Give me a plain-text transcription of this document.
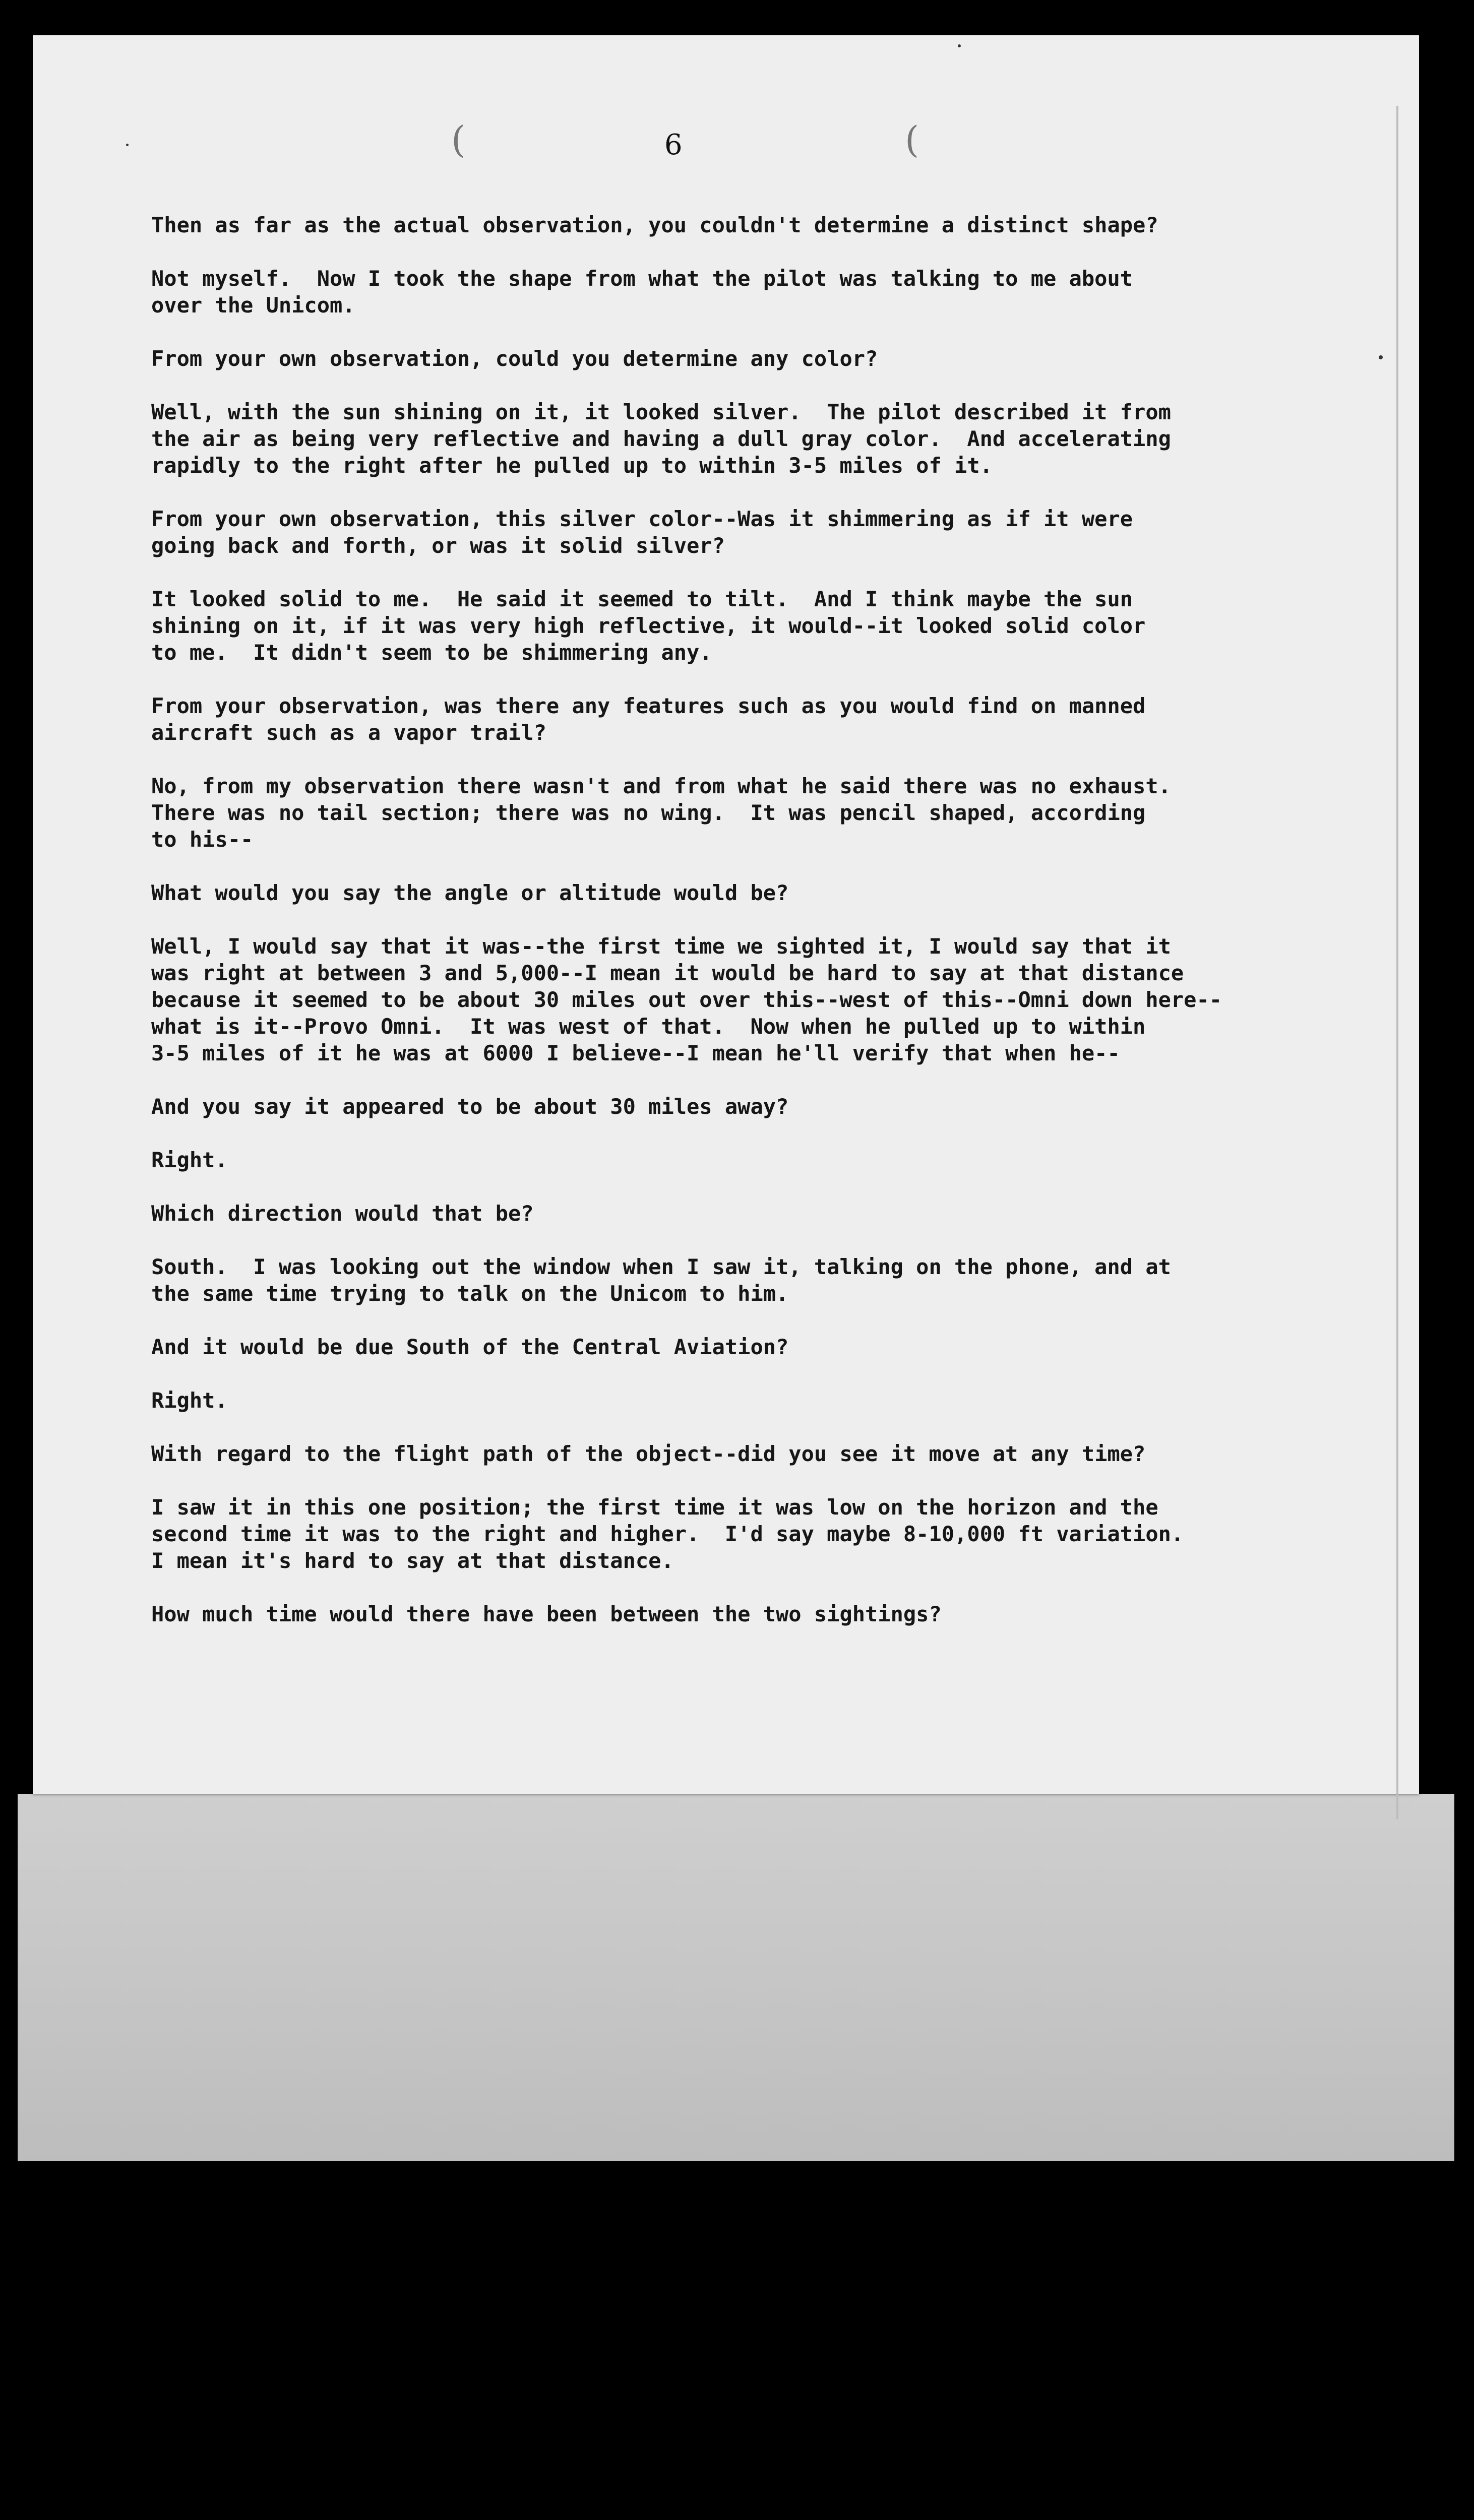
(	(

6

Then as far as the actual observation, you couldn't determine a distinct shape?

Not myself.  Now I took the shape from what the pilot was talking to me about
over the Unicom.

From your own observation, could you determine any color?

Well, with the sun shining on it, it looked silver.  The pilot described it from
the air as being very reflective and having a dull gray color.  And accelerating
rapidly to the right after he pulled up to within 3-5 miles of it.

From your own observation, this silver color--Was it shimmering as if it were
going back and forth, or was it solid silver?

It looked solid to me.  He said it seemed to tilt.  And I think maybe the sun
shining on it, if it was very high reflective, it would--it looked solid color
to me.  It didn't seem to be shimmering any.

From your observation, was there any features such as you would find on manned
aircraft such as a vapor trail?

No, from my observation there wasn't and from what he said there was no exhaust.
There was no tail section; there was no wing.  It was pencil shaped, according
to his--

What would you say the angle or altitude would be?

Well, I would say that it was--the first time we sighted it, I would say that it
was right at between 3 and 5,000--I mean it would be hard to say at that distance
because it seemed to be about 30 miles out over this--west of this--Omni down here--
what is it--Provo Omni.  It was west of that.  Now when he pulled up to within
3-5 miles of it he was at 6000 I believe--I mean he'll verify that when he--

And you say it appeared to be about 30 miles away?

Right.

Which direction would that be?

South.  I was looking out the window when I saw it, talking on the phone, and at
the same time trying to talk on the Unicom to him.

And it would be due South of the Central Aviation?

Right.

With regard to the flight path of the object--did you see it move at any time?

I saw it in this one position; the first time it was low on the horizon and the
second time it was to the right and higher.  I'd say maybe 8-10,000 ft variation.
I mean it's hard to say at that distance.

How much time would there have been between the two sightings?
